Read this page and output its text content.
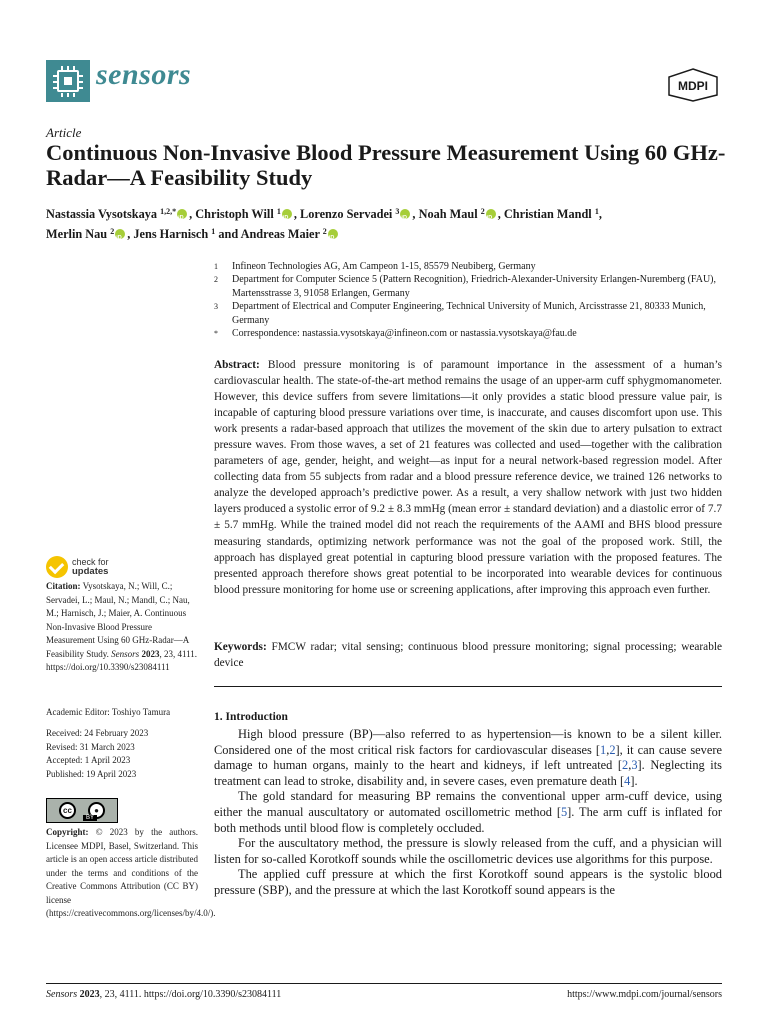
sensors	MDPI
Article
Continuous Non-Invasive Blood Pressure Measurement Using 60 GHz-Radar—A Feasibility Study
Nastassia Vysotskaya $^{1,2,*}$ iD , Christoph Will $^1$ iD , Lorenzo Servadei $^3$ iD , Noah Maul $^2$ iD , Christian Mandl $^1$,
Merlin Nau $^2$ iD , Jens Harnisch $^1$ and Andreas Maier $^2$iD
1	Infineon Technologies AG, Am Campeon 1-15, 85579 Neubiberg, Germany
2	Department for Computer Science 5 (Pattern Recognition), Friedrich-Alexander-University Erlangen-Nuremberg (FAU), Martensstrasse 3, 91058 Erlangen, Germany
3	Department of Electrical and Computer Engineering, Technical University of Munich, Arcisstrasse 21, 80333 Munich, Germany
*	Correspondence: nastassia.vysotskaya@infineon.com or nastassia.vysotskaya@fau.de
Abstract: Blood pressure monitoring is of paramount importance in the assessment of a human’s cardiovascular health. The state-of-the-art method remains the usage of an upper-arm cuff sphygmomanometer. However, this device suffers from severe limitations—it only provides a static blood pressure value pair, is incapable of capturing blood pressure variations over time, is inaccurate, and causes discomfort upon use. This work presents a radar-based approach that utilizes the movement of the skin due to artery pulsation to extract pressure waves. From those waves, a set of 21 features was collected and used—together with the calibration parameters of age, gender, height, and weight—as input for a neural network-based regression model. After collecting data from 55 subjects from radar and a blood pressure reference device, we trained 126 networks to analyze the developed approach’s predictive power. As a result, a very shallow network with just two hidden layers produced a systolic error of 9.2 ± 8.3 mmHg (mean error ± standard deviation) and a diastolic error of 7.7 ± 5.7 mmHg. While the trained model did not reach the requirements of the AAMI and BHS blood pressure measuring standards, optimizing network performance was not the goal of the proposed work. Still, the approach has displayed great potential in capturing blood pressure variation with the proposed features. The presented approach therefore shows great potential to be incorporated into wearable devices for continuous blood pressure monitoring for home use or screening applications, after improving this approach even further.
Keywords: FMCW radar; vital sensing; continuous blood pressure monitoring; signal processing; wearable device
1. Introduction

High blood pressure (BP)—also referred to as hypertension—is known to be a silent killer. Considered one of the most critical risk factors for cardiovascular diseases [1,2], it can cause severe damage to human organs, mainly to the heart and kidneys, if left untreated [2,3]. Neglecting its treatment can lead to stroke, disability and, in severe cases, even premature death [4].

The gold standard for measuring BP remains the conventional upper arm-cuff device, using either the manual auscultatory or automated oscillometric method [5]. The arm cuff is inflated for both methods until blood flow is completely occluded.

For the auscultatory method, the pressure is slowly released from the cuff, and a physician will listen for so-called Korotkoff sounds while the oscillometric devices use algorithms for this purpose.

The applied cuff pressure at which the first Korotkoff sound appears is the systolic blood pressure (SBP), and the pressure at which the last Korotkoff sound appears is the

check for
updates
Citation: Vysotskaya, N.; Will, C.; Servadei, L.; Maul, N.; Mandl, C.; Nau, M.; Harnisch, J.; Maier, A. Continuous Non-Invasive Blood Pressure Measurement Using 60 GHz-Radar—A Feasibility Study. Sensors 2023, 23, 4111. https://doi.org/10.3390/s23084111
Academic Editor: Toshiyo Tamura
Received: 24 February 2023
Revised: 31 March 2023
Accepted: 1 April 2023
Published: 19 April 2023
cc	●
BY
Copyright: © 2023 by the authors. Licensee MDPI, Basel, Switzerland. This article is an open access article distributed under the terms and conditions of the Creative Commons Attribution (CC BY) license (https://creativecommons.org/licenses/by/4.0/).
Sensors 2023, 23, 4111. https://doi.org/10.3390/s23084111	https://www.mdpi.com/journal/sensors
